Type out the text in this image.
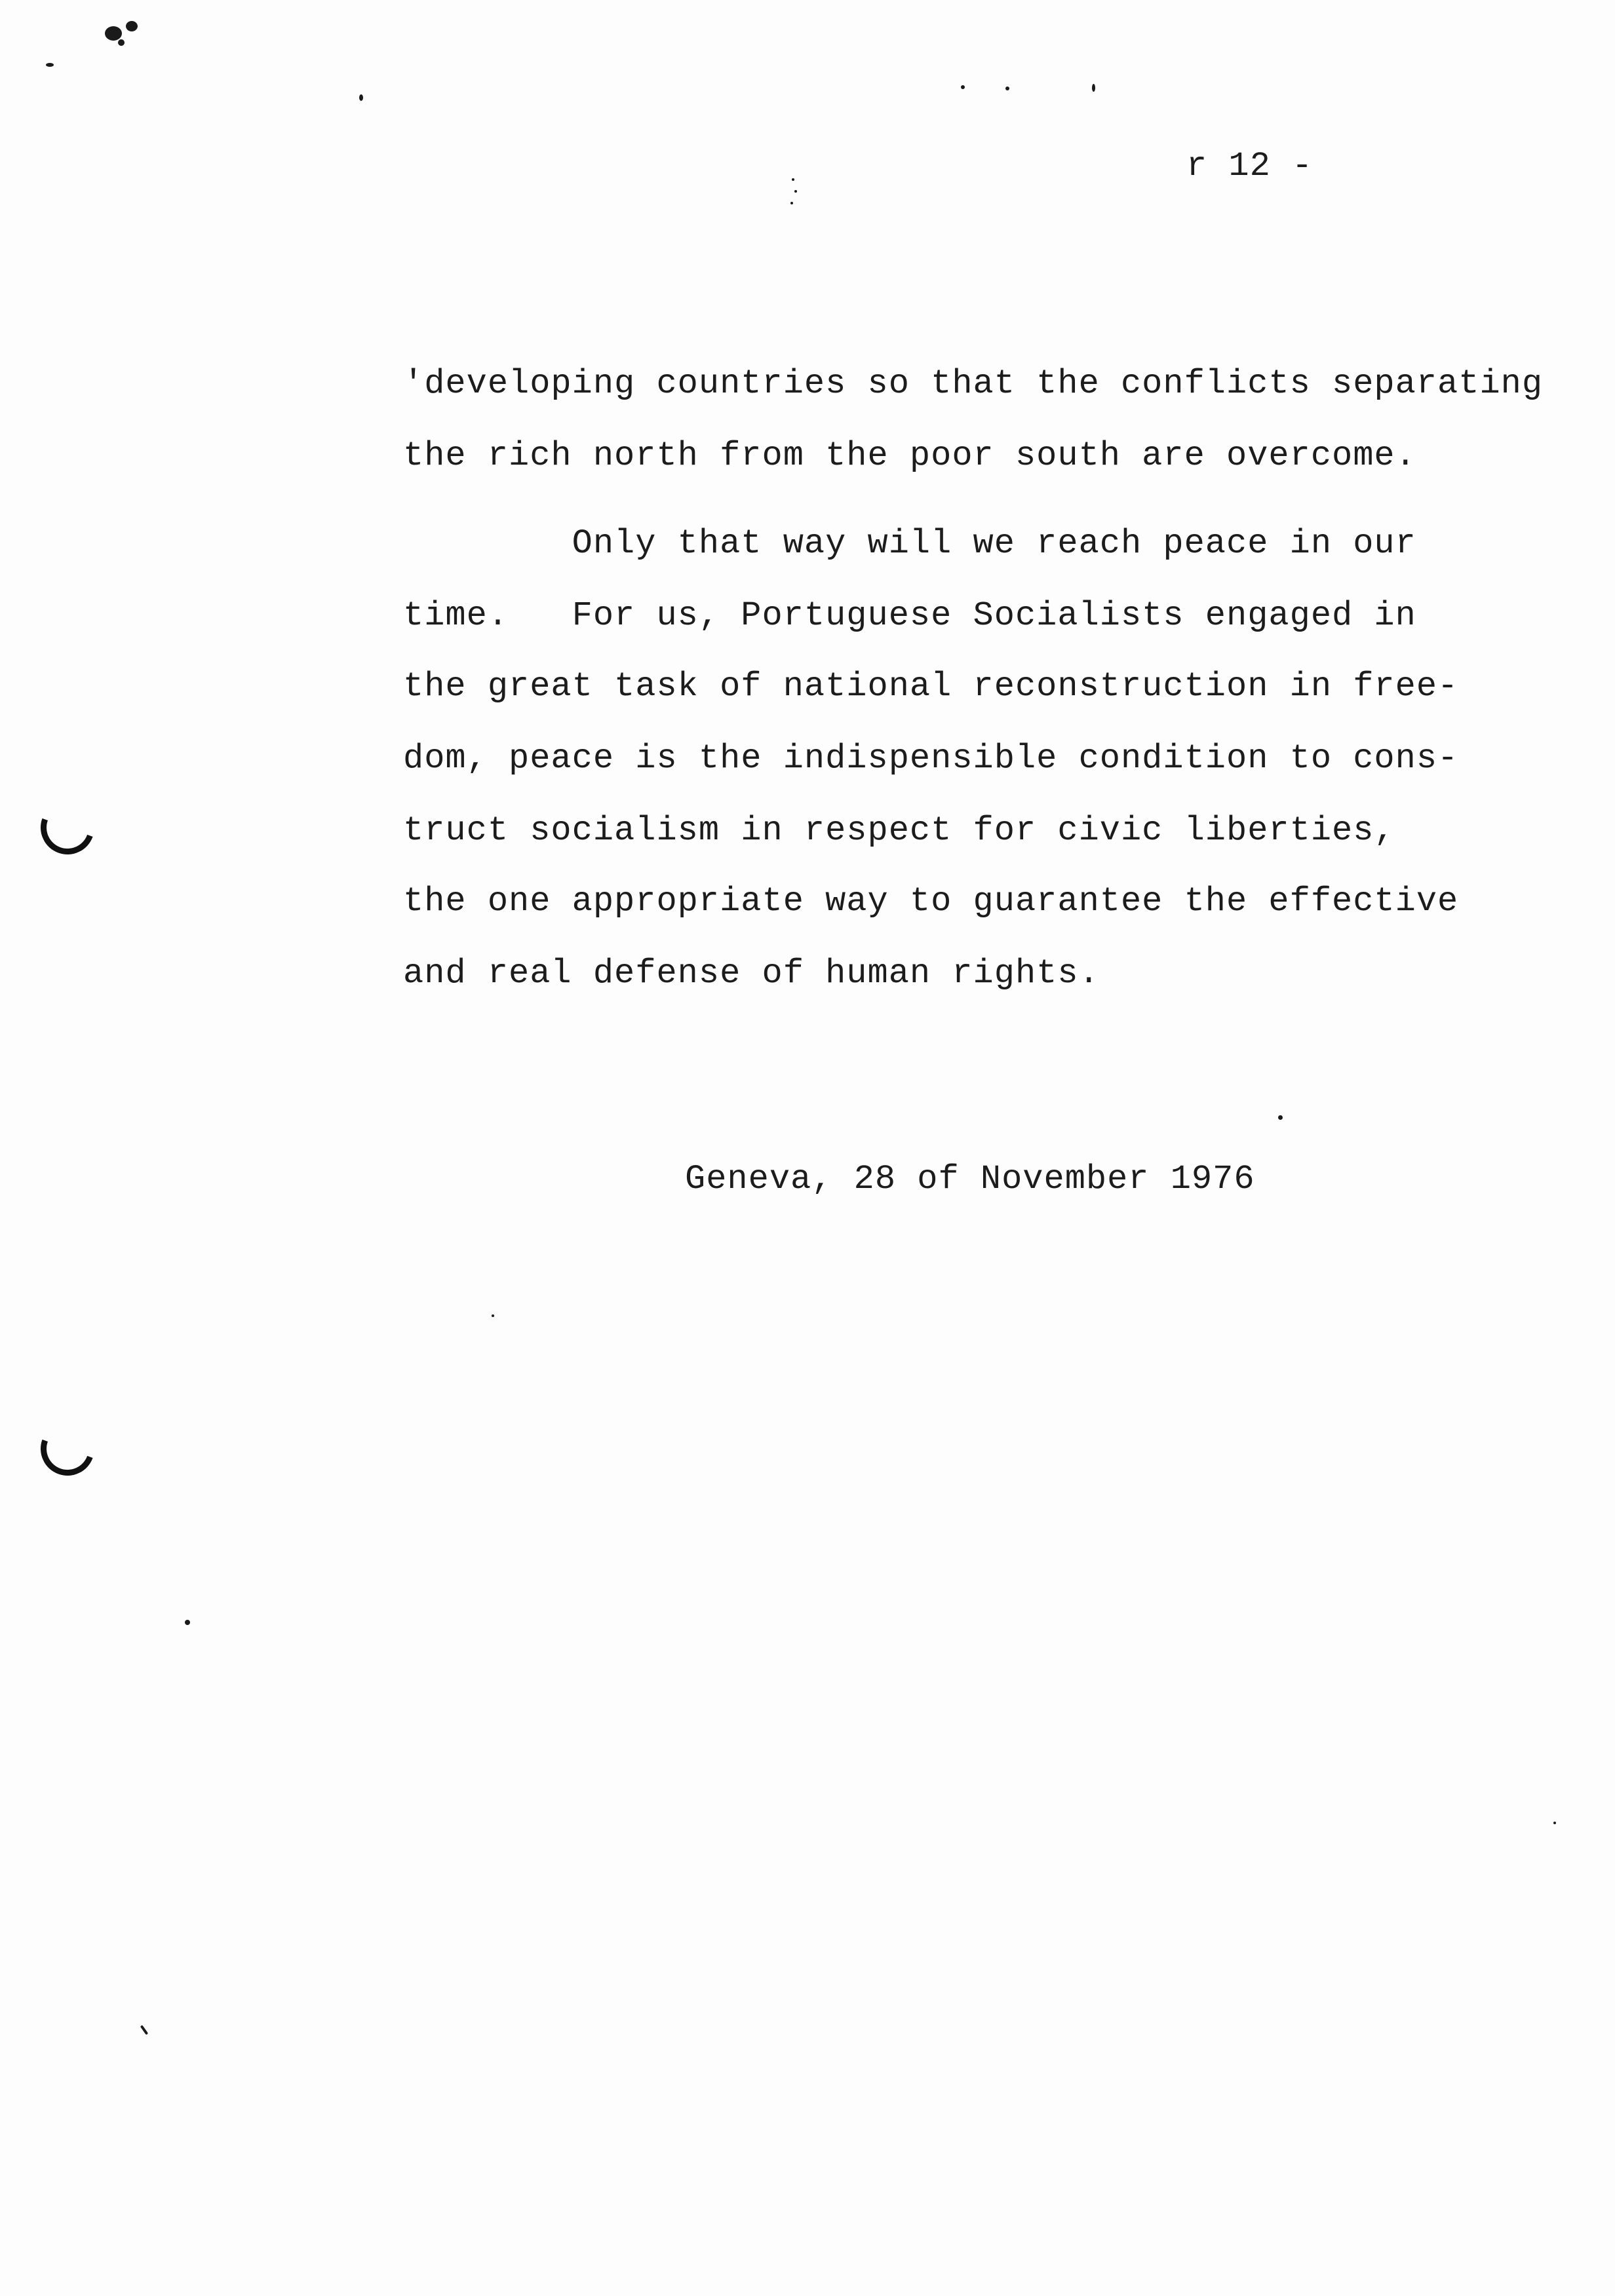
r 12 -
'developing countries so that the conflicts separating
the rich north from the poor south are overcome.
Only that way will we reach peace in our
time.   For us, Portuguese Socialists engaged in
the great task of national reconstruction in free-
dom, peace is the indispensible condition to cons-
truct socialism in respect for civic liberties,
the one appropriate way to guarantee the effective
and real defense of human rights.
Geneva, 28 of November 1976
